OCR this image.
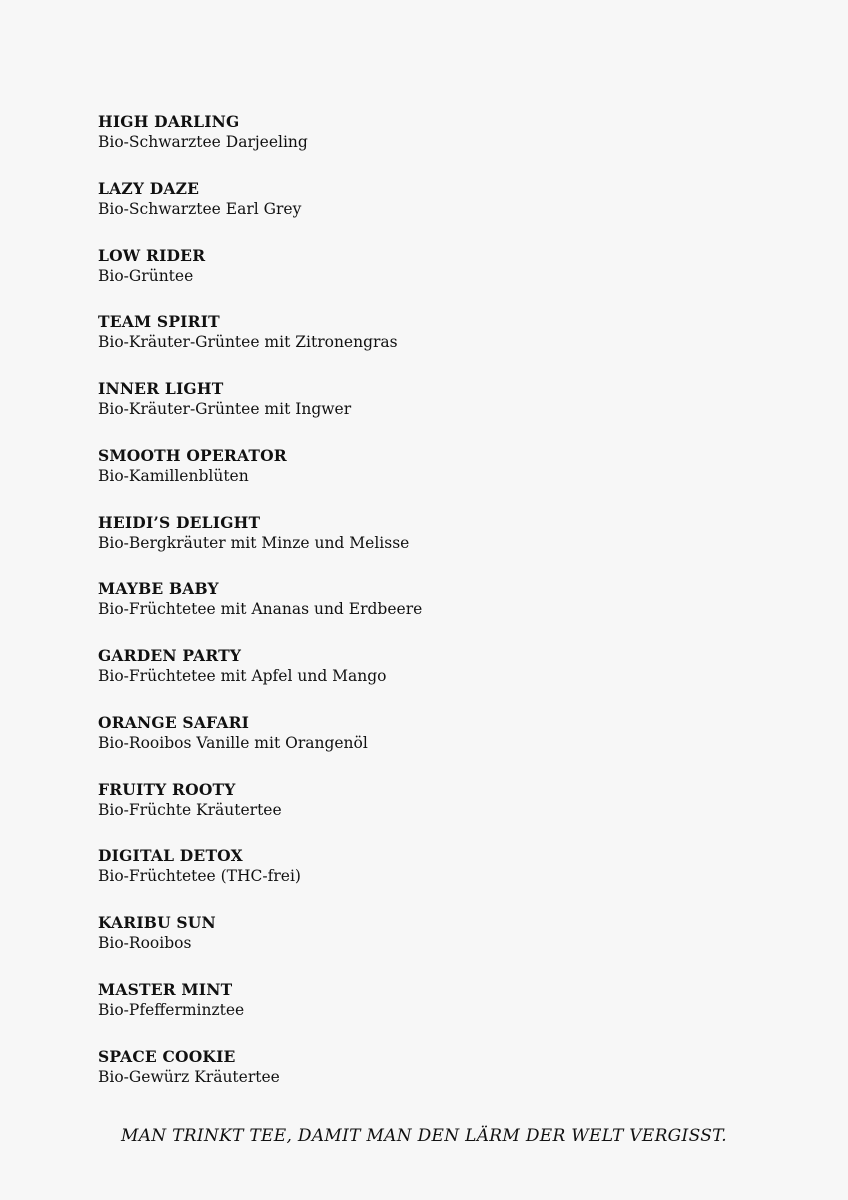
HIGH DARLING
Bio-Schwarztee Darjeeling
LAZY DAZE
Bio-Schwarztee Earl Grey
LOW RIDER
Bio-Grüntee
TEAM SPIRIT
Bio-Kräuter-Grüntee mit Zitronengras
INNER LIGHT
Bio-Kräuter-Grüntee mit Ingwer
SMOOTH OPERATOR
Bio-Kamillenblüten
HEIDI’S DELIGHT
Bio-Bergkräuter mit Minze und Melisse
MAYBE BABY
Bio-Früchtetee mit Ananas und Erdbeere
GARDEN PARTY
Bio-Früchtetee mit Apfel und Mango
ORANGE SAFARI
Bio-Rooibos Vanille mit Orangenöl
FRUITY ROOTY
Bio-Früchte Kräutertee
DIGITAL DETOX
Bio-Früchtetee (THC-frei)
KARIBU SUN
Bio-Rooibos
MASTER MINT
Bio-Pfefferminztee
SPACE COOKIE
Bio-Gewürz Kräutertee
MAN TRINKT TEE, DAMIT MAN DEN LÄRM DER WELT VERGISST.
